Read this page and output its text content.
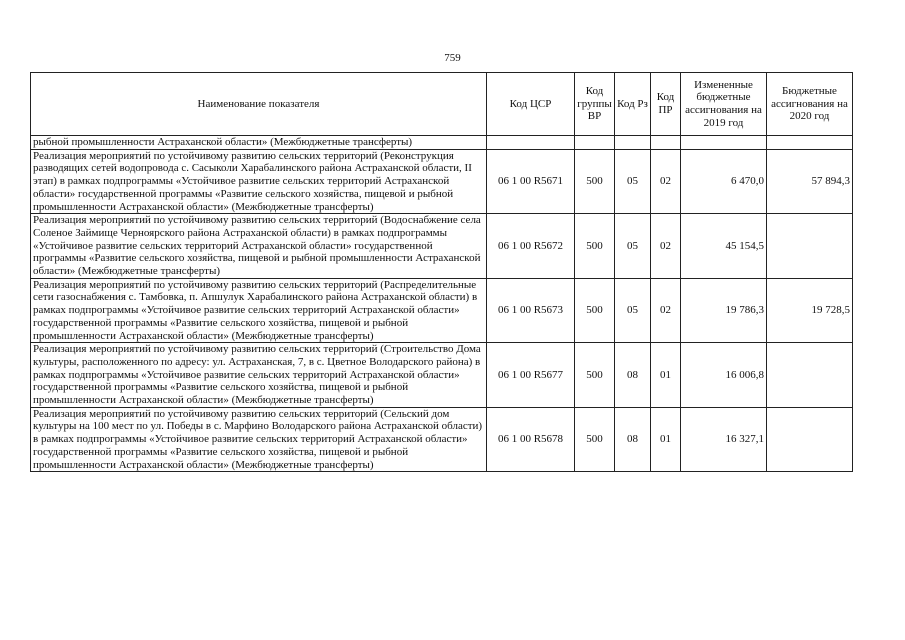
759
Наименование показателя	Код ЦСР	Код группы ВР	Код Рз	Код ПР	Измененные бюджетные ассигнования на 2019 год	Бюджетные ассигнования на 2020 год
рыбной промышленности Астраханской области» (Межбюджетные трансферты)						
Реализация мероприятий по устойчивому развитию сельских территорий (Реконструкция разводящих сетей водопровода с. Сасыколи Харабалинского района Астраханской области, II этап) в рамках подпрограммы «Устойчивое развитие сельских территорий Астраханской области» государственной программы «Развитие сельского хозяйства, пищевой и рыбной промышленности Астраханской области» (Межбюджетные трансферты)	06 1 00 R5671	500	05	02	6 470,0	57 894,3
Реализация мероприятий по устойчивому развитию сельских территорий (Водоснабжение села Соленое Займище Черноярского района Астраханской области) в рамках подпрограммы «Устойчивое развитие сельских территорий Астраханской области» государственной программы «Развитие сельского хозяйства, пищевой и рыбной промышленности Астраханской области» (Межбюджетные трансферты)	06 1 00 R5672	500	05	02	45 154,5	
Реализация мероприятий по устойчивому развитию сельских территорий (Распределительные сети газоснабжения с. Тамбовка, п. Апшулук Харабалинского района Астраханской области) в рамках подпрограммы «Устойчивое развитие сельских территорий Астраханской области» государственной программы «Развитие сельского хозяйства, пищевой и рыбной промышленности Астраханской области» (Межбюджетные трансферты)	06 1 00 R5673	500	05	02	19 786,3	19 728,5
Реализация мероприятий по устойчивому развитию сельских территорий (Строительство Дома культуры, расположенного по адресу: ул. Астраханская, 7, в с. Цветное Володарского района) в рамках подпрограммы «Устойчивое развитие сельских территорий Астраханской области» государственной программы «Развитие сельского хозяйства, пищевой и рыбной промышленности Астраханской области» (Межбюджетные трансферты)	06 1 00 R5677	500	08	01	16 006,8	
Реализация мероприятий по устойчивому развитию сельских территорий (Сельский дом культуры на 100 мест по ул. Победы в с. Марфино Володарского района Астраханской области) в рамках подпрограммы «Устойчивое развитие сельских территорий Астраханской области» государственной программы «Развитие сельского хозяйства, пищевой и рыбной промышленности Астраханской области» (Межбюджетные трансферты)	06 1 00 R5678	500	08	01	16 327,1	
